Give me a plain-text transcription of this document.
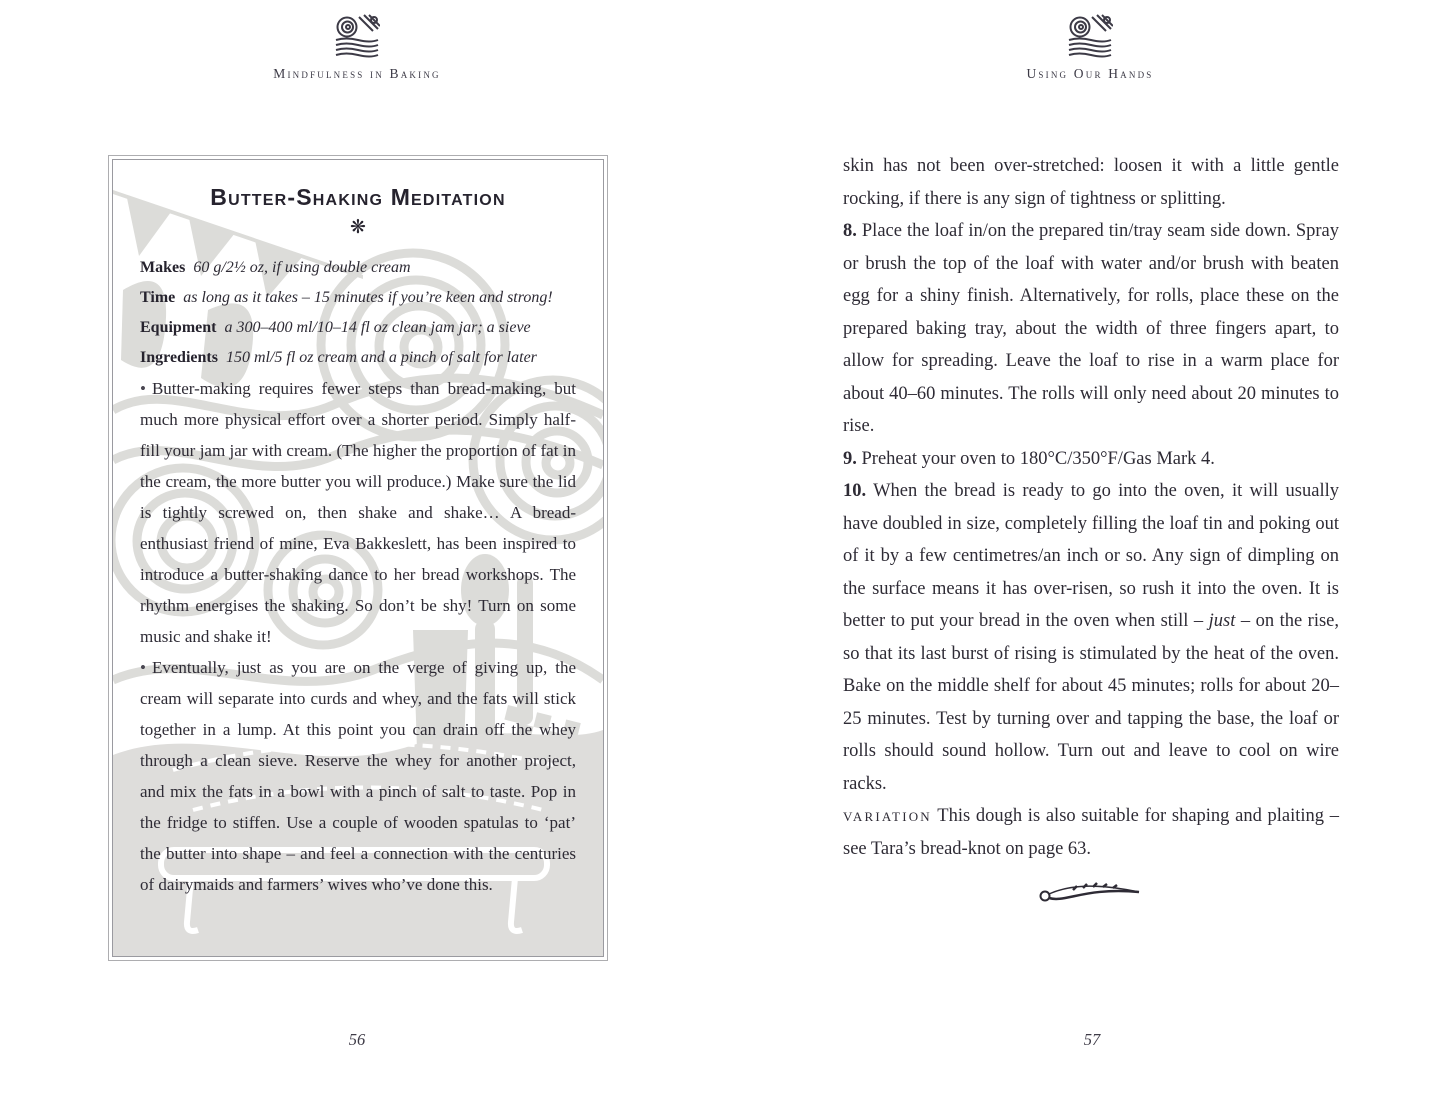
Mindfulness in Baking	Using Our Hands
Butter-Shaking Meditation
❋

Makes 60 g/2½ oz, if using double cream

Time as long as it takes – 15 minutes if you’re keen and strong!

Equipment a 300–400 ml/10–14 fl oz clean jam jar; a sieve

Ingredients 150 ml/5 fl oz cream and a pinch of salt for later

• Butter-making requires fewer steps than bread-making, but much more physical effort over a shorter period. Simply half-fill your jam jar with cream. (The higher the proportion of fat in the cream, the more butter you will produce.) Make sure the lid is tightly screwed on, then shake and shake… A bread-enthusiast friend of mine, Eva Bakkeslett, has been inspired to introduce a butter-shaking dance to her bread workshops. The rhythm energises the shaking. So don’t be shy! Turn on some music and shake it!

• Eventually, just as you are on the verge of giving up, the cream will separate into curds and whey, and the fats will stick together in a lump. At this point you can drain off the whey through a clean sieve. Reserve the whey for another project, and mix the fats in a bowl with a pinch of salt to taste. Pop in the fridge to stiffen. Use a couple of wooden spatulas to ‘pat’ the butter into shape – and feel a connection with the centuries of dairymaids and farmers’ wives who’ve done this.

skin has not been over-stretched: loosen it with a little gentle rocking, if there is any sign of tightness or splitting.

8. Place the loaf in/on the prepared tin/tray seam side down. Spray or brush the top of the loaf with water and/or brush with beaten egg for a shiny finish. Alternatively, for rolls, place these on the prepared baking tray, about the width of three fingers apart, to allow for spreading. Leave the loaf to rise in a warm place for about 40–60 minutes. The rolls will only need about 20 minutes to rise.

9. Preheat your oven to 180°C/350°F/Gas Mark 4.

10. When the bread is ready to go into the oven, it will usually have doubled in size, completely filling the loaf tin and poking out of it by a few centimetres/an inch or so. Any sign of dimpling on the surface means it has over-risen, so rush it into the oven. It is better to put your bread in the oven when still – just – on the rise, so that its last burst of rising is stimulated by the heat of the oven. Bake on the middle shelf for about 45 minutes; rolls for about 20–25 minutes. Test by turning over and tapping the base, the loaf or rolls should sound hollow. Turn out and leave to cool on wire racks.

variation This dough is also suitable for shaping and plaiting – see Tara’s bread-knot on page 63.

56	57
